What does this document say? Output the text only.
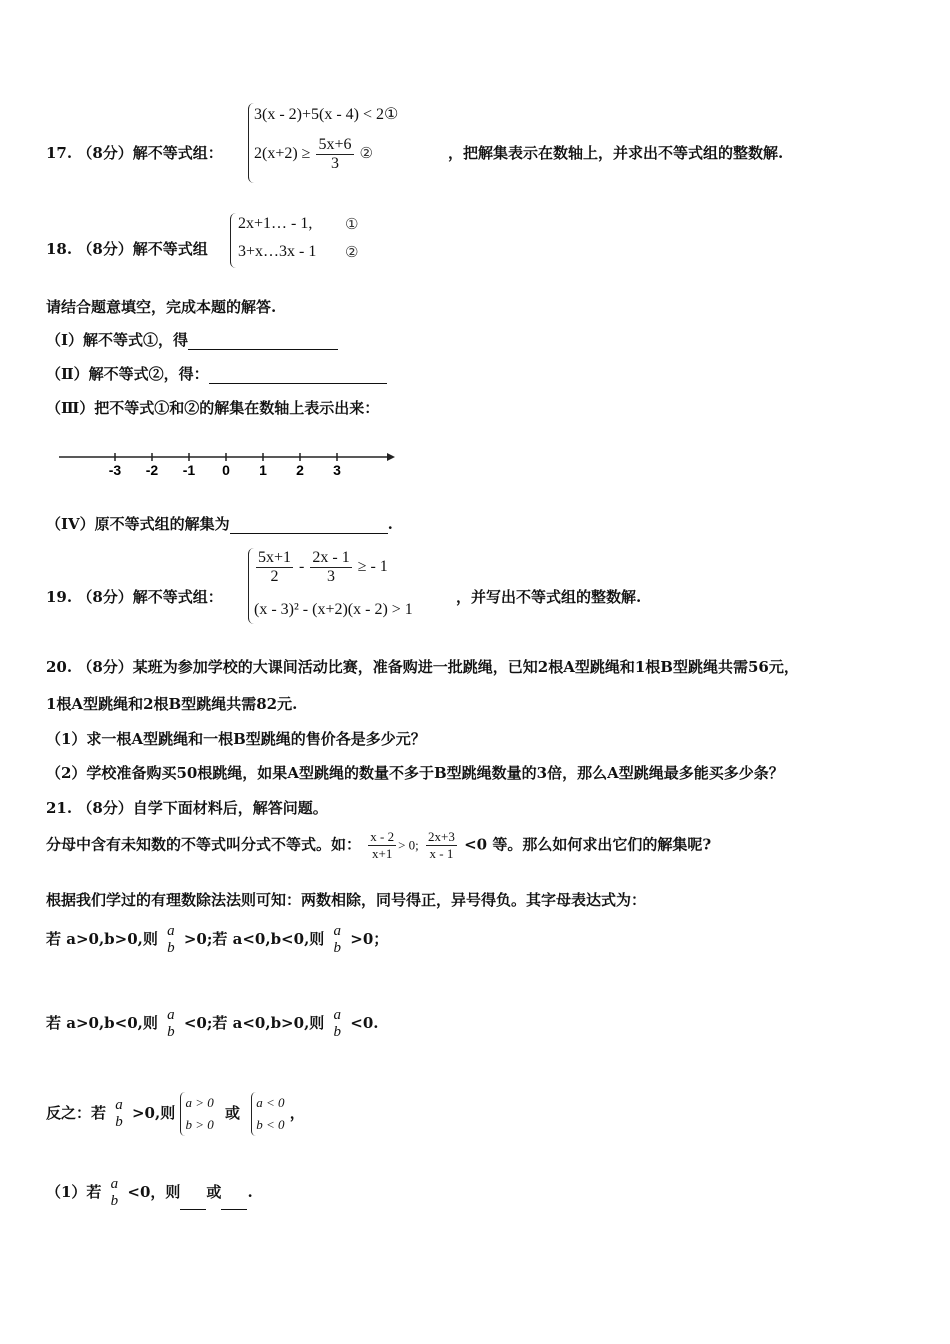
17. （8分）解不等式组：
3(x - 2)+5(x - 4) < 2①
$2(x+2) \ge \frac{5x+6}{3}$ ②	，把解集表示在数轴上，并求出不等式组的整数解.
18. （8分）解不等式组
2x+1… - 1, ①
3+x…3x - 1 ②
请结合题意填空，完成本题的解答.
（I）解不等式①，得
（Ⅱ）解不等式②，得：
（Ⅲ）把不等式①和②的解集在数轴上表示出来：
-3 -2 -1 0 1 2 3
（IV）原不等式组的解集为	.
19. （8分）解不等式组：
$\frac{5x+1}{2} - \frac{2x - 1}{3}$ ≥ - 1
(x - 3)² - (x+2)(x - 2) > 1
，并写出不等式组的整数解.
20. （8分）某班为参加学校的大课间活动比赛，准备购进一批跳绳，已知2根A型跳绳和1根B型跳绳共需56元，
1根A型跳绳和2根B型跳绳共需82元.
（1）求一根A型跳绳和一根B型跳绳的售价各是多少元？
（2）学校准备购买50根跳绳，如果A型跳绳的数量不多于B型跳绳数量的3倍，那么A型跳绳最多能买多少条？
21. （8分）自学下面材料后，解答问题。
分母中含有未知数的不等式叫分式不等式。如： $\frac{x - 2}{x+1} > 0$; $\frac{2x+3}{x - 1} <0$ 等。那么如何求出它们的解集呢?
根据我们学过的有理数除法法则可知：两数相除，同号得正，异号得负。其字母表达式为：
若 a>0,b>0,则 a
b >0;若 a<0,b<0,则 a
b >0；
若 a>0,b<0,则 a
b <0;若 a<0,b>0,则 a
b <0.
反之：若 a
b >0,则
a > 0
b > 0
或
a < 0
b < 0
，
（1）若 a
b <0，则 或 .
